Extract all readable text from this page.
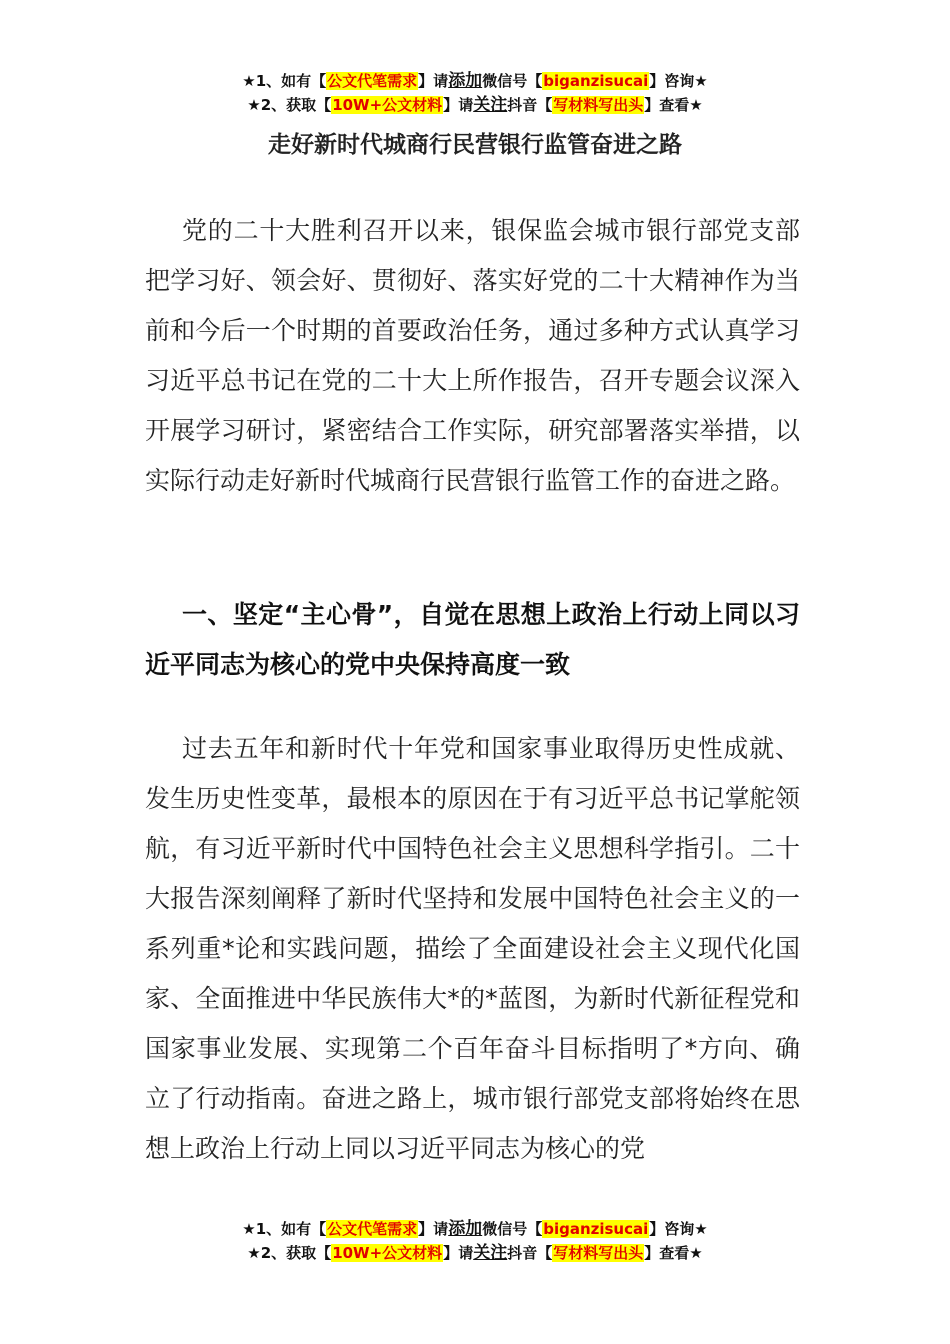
★1、如有【公文代笔需求】请添加微信号【biganzisucai】咨询★
★2、获取【10W+公文材料】请关注抖音【写材料写出头】查看★
走好新时代城商行民营银行监管奋进之路

党的二十大胜利召开以来，银保监会城市银行部党支部把学习好、领会好、贯彻好、落实好党的二十大精神作为当前和今后一个时期的首要政治任务，通过多种方式认真学习习近平总书记在党的二十大上所作报告，召开专题会议深入开展学习研讨，紧密结合工作实际，研究部署落实举措，以实际行动走好新时代城商行民营银行监管工作的奋进之路。

一、坚定“主心骨”，自觉在思想上政治上行动上同以习近平同志为核心的党中央保持高度一致

过去五年和新时代十年党和国家事业取得历史性成就、发生历史性变革，最根本的原因在于有习近平总书记掌舵领航，有习近平新时代中国特色社会主义思想科学指引。二十大报告深刻阐释了新时代坚持和发展中国特色社会主义的一系列重*论和实践问题，描绘了全面建设社会主义现代化国家、全面推进中华民族伟大*的*蓝图，为新时代新征程党和国家事业发展、实现第二个百年奋斗目标指明了*方向、确立了行动指南。奋进之路上，城市银行部党支部将始终在思想上政治上行动上同以习近平同志为核心的党

★1、如有【公文代笔需求】请添加微信号【biganzisucai】咨询★
★2、获取【10W+公文材料】请关注抖音【写材料写出头】查看★
